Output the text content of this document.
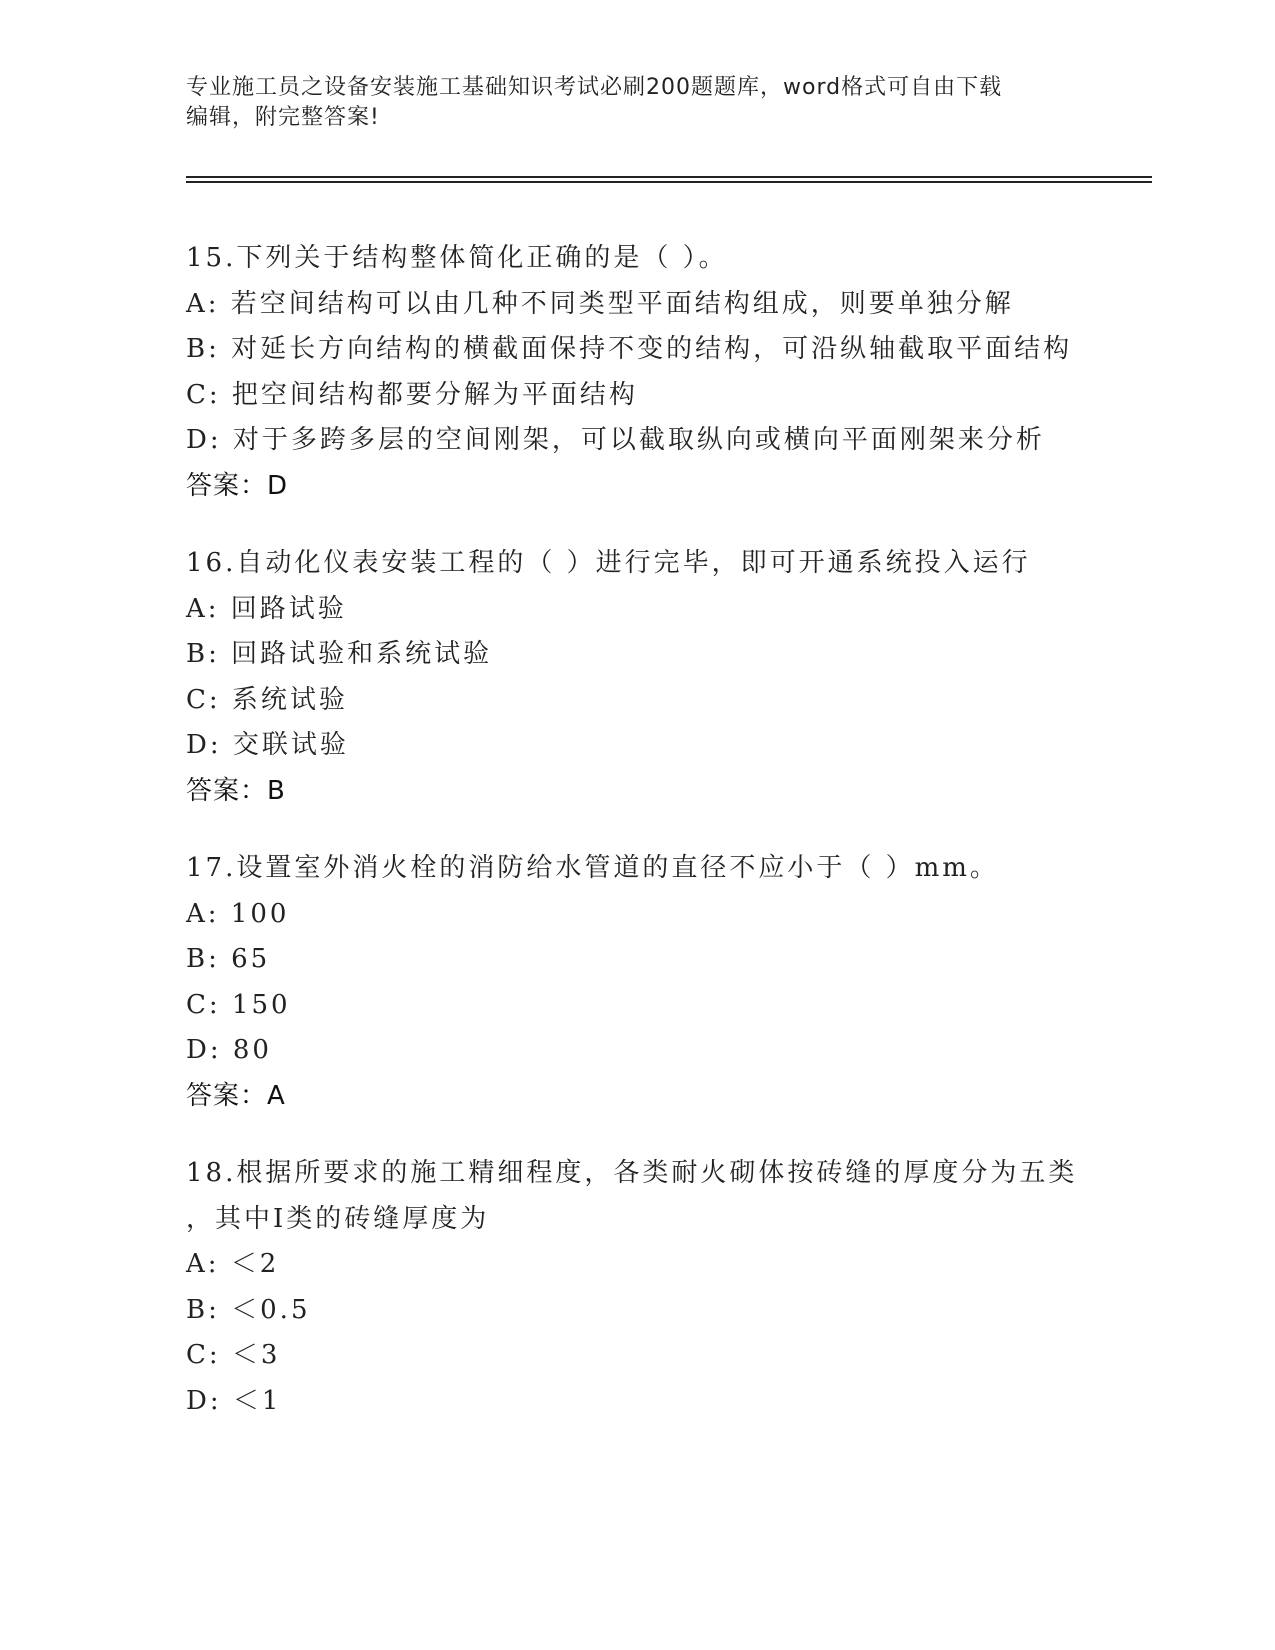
专业施工员之设备安装施工基础知识考试必刷200题题库，word格式可自由下载
编辑，附完整答案!
15.下列关于结构整体简化正确的是（ ）。
A: 若空间结构可以由几种不同类型平面结构组成，则要单独分解
B: 对延长方向结构的横截面保持不变的结构，可沿纵轴截取平面结构
C: 把空间结构都要分解为平面结构
D: 对于多跨多层的空间刚架，可以截取纵向或横向平面刚架来分析
答案：D
16.自动化仪表安装工程的（ ）进行完毕，即可开通系统投入运行
A: 回路试验
B: 回路试验和系统试验
C: 系统试验
D: 交联试验
答案：B
17.设置室外消火栓的消防给水管道的直径不应小于（ ）mm。
A: 100
B: 65
C: 150
D: 80
答案：A
18.根据所要求的施工精细程度，各类耐火砌体按砖缝的厚度分为五类
，其中Ⅰ类的砖缝厚度为
A: ＜2
B: ＜0.5
C: ＜3
D: ＜1
